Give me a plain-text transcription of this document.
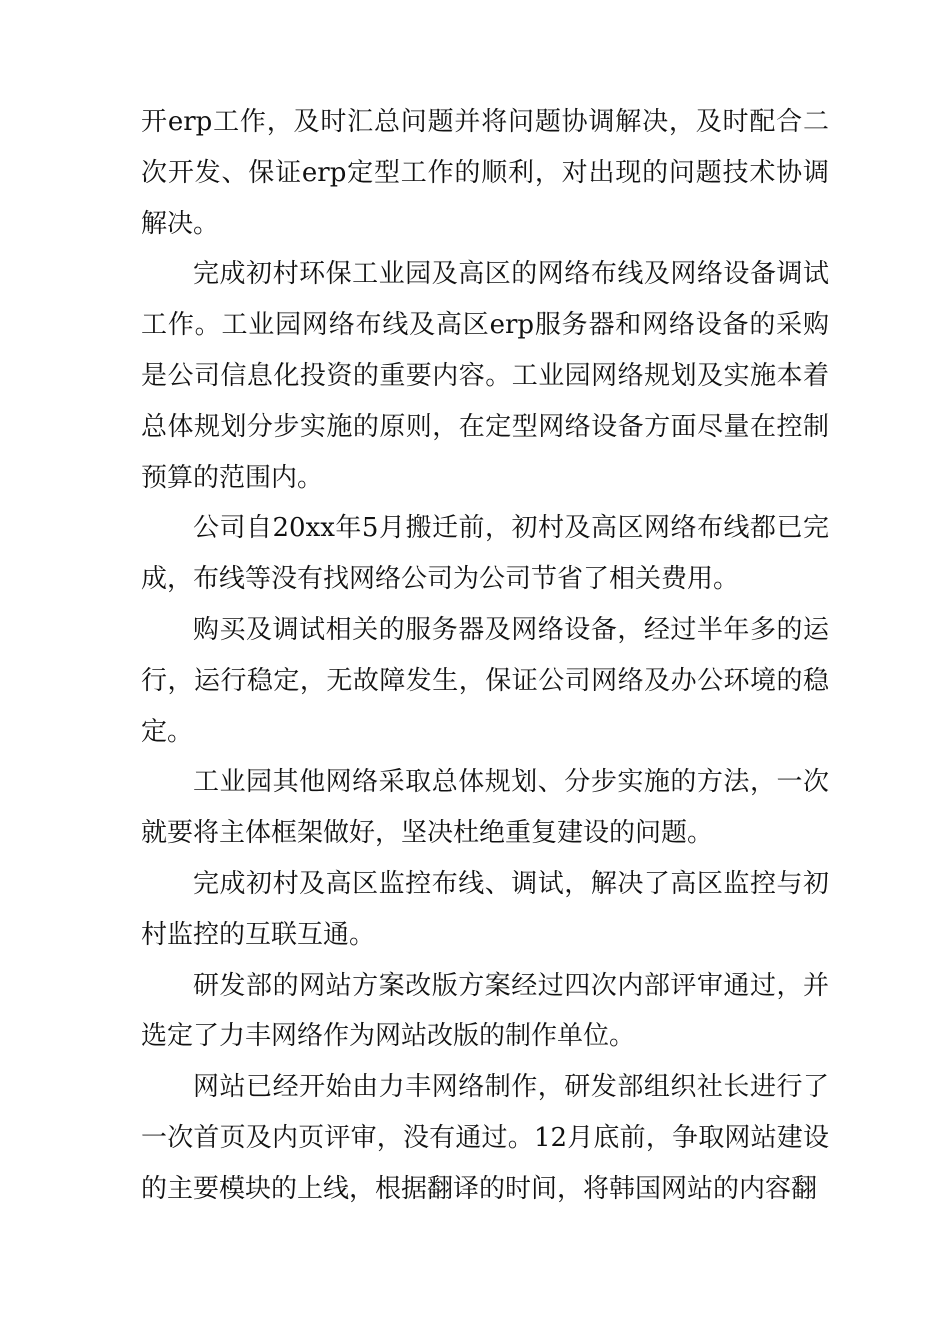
开erp工作，及时汇总问题并将问题协调解决，及时配合二次开发、保证erp定型工作的顺利，对出现的问题技术协调解决。

完成初村环保工业园及高区的网络布线及网络设备调试工作。工业园网络布线及高区erp服务器和网络设备的采购是公司信息化投资的重要内容。工业园网络规划及实施本着总体规划分步实施的原则，在定型网络设备方面尽量在控制预算的范围内。

公司自20xx年5月搬迁前，初村及高区网络布线都已完成，布线等没有找网络公司为公司节省了相关费用。

购买及调试相关的服务器及网络设备，经过半年多的运行，运行稳定，无故障发生，保证公司网络及办公环境的稳定。

工业园其他网络采取总体规划、分步实施的方法，一次就要将主体框架做好，坚决杜绝重复建设的问题。

完成初村及高区监控布线、调试，解决了高区监控与初村监控的互联互通。

研发部的网站方案改版方案经过四次内部评审通过，并选定了力丰网络作为网站改版的制作单位。

网站已经开始由力丰网络制作，研发部组织社长进行了一次首页及内页评审，没有通过。12月底前，争取网站建设的主要模块的上线，根据翻译的时间，将韩国网站的内容翻
